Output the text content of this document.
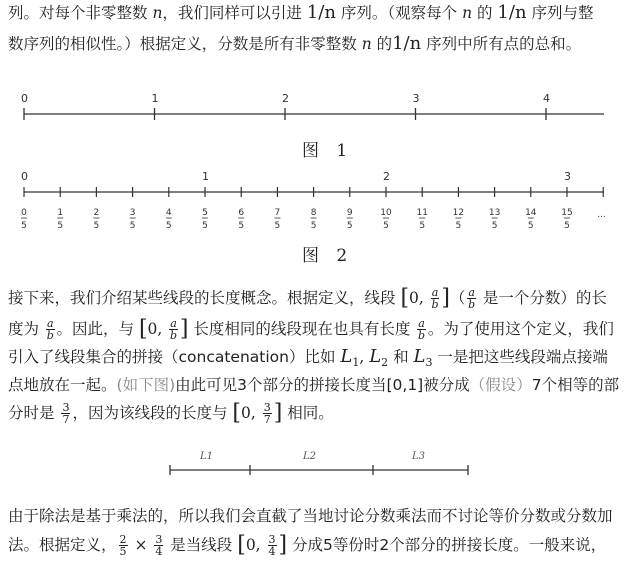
列。对每个非零整数 n，我们同样可以引进 1/n 序列。（观察每个 n 的 1/n 序列与整
数序列的相似性。）根据定义，分数是所有非零整数 n 的1/n 序列中所有点的总和。
0	1	2	3	4
图 1
0
5
1
5
2
5
3
5
4
5
5
5
6
5
7
5
8
5
9
5
10
5
11
5
12
5
13
5
14
5
15
5
...
0	1	2	3
图 2
接下来，我们介绍某些线段的长度概念。根据定义，线段 [0, $\frac{a}{b}$ ]（ $\frac{a}{b}$ 是一个分数）的长
度为 $\frac{a}{b}$ 。因此，与 [0, $\frac{a}{b}$ ] 长度相同的线段现在也具有长度 $\frac{a}{b}$ 。为了使用这个定义，我们
引入了线段集合的拼接（concatenation）比如 $L_1$, $L_2$ 和 $L_3$ 一是把这些线段端点接端
点地放在一起。(如下图)由此可见3个部分的拼接长度当[0,1]被分成（假设）7个相等的部
分时是 $\frac{3}{7}$ ，因为该线段的长度与 [0, $\frac{3}{7}$ ] 相同。
L1	L2	L3
由于除法是基于乘法的，所以我们会直截了当地讨论分数乘法而不讨论等价分数或分数加
法。根据定义， $\frac{2}{5} \times \frac{3}{4}$ 是当线段 [0, $\frac{3}{4}$ ] 分成5等份时2个部分的拼接长度。一般来说，
